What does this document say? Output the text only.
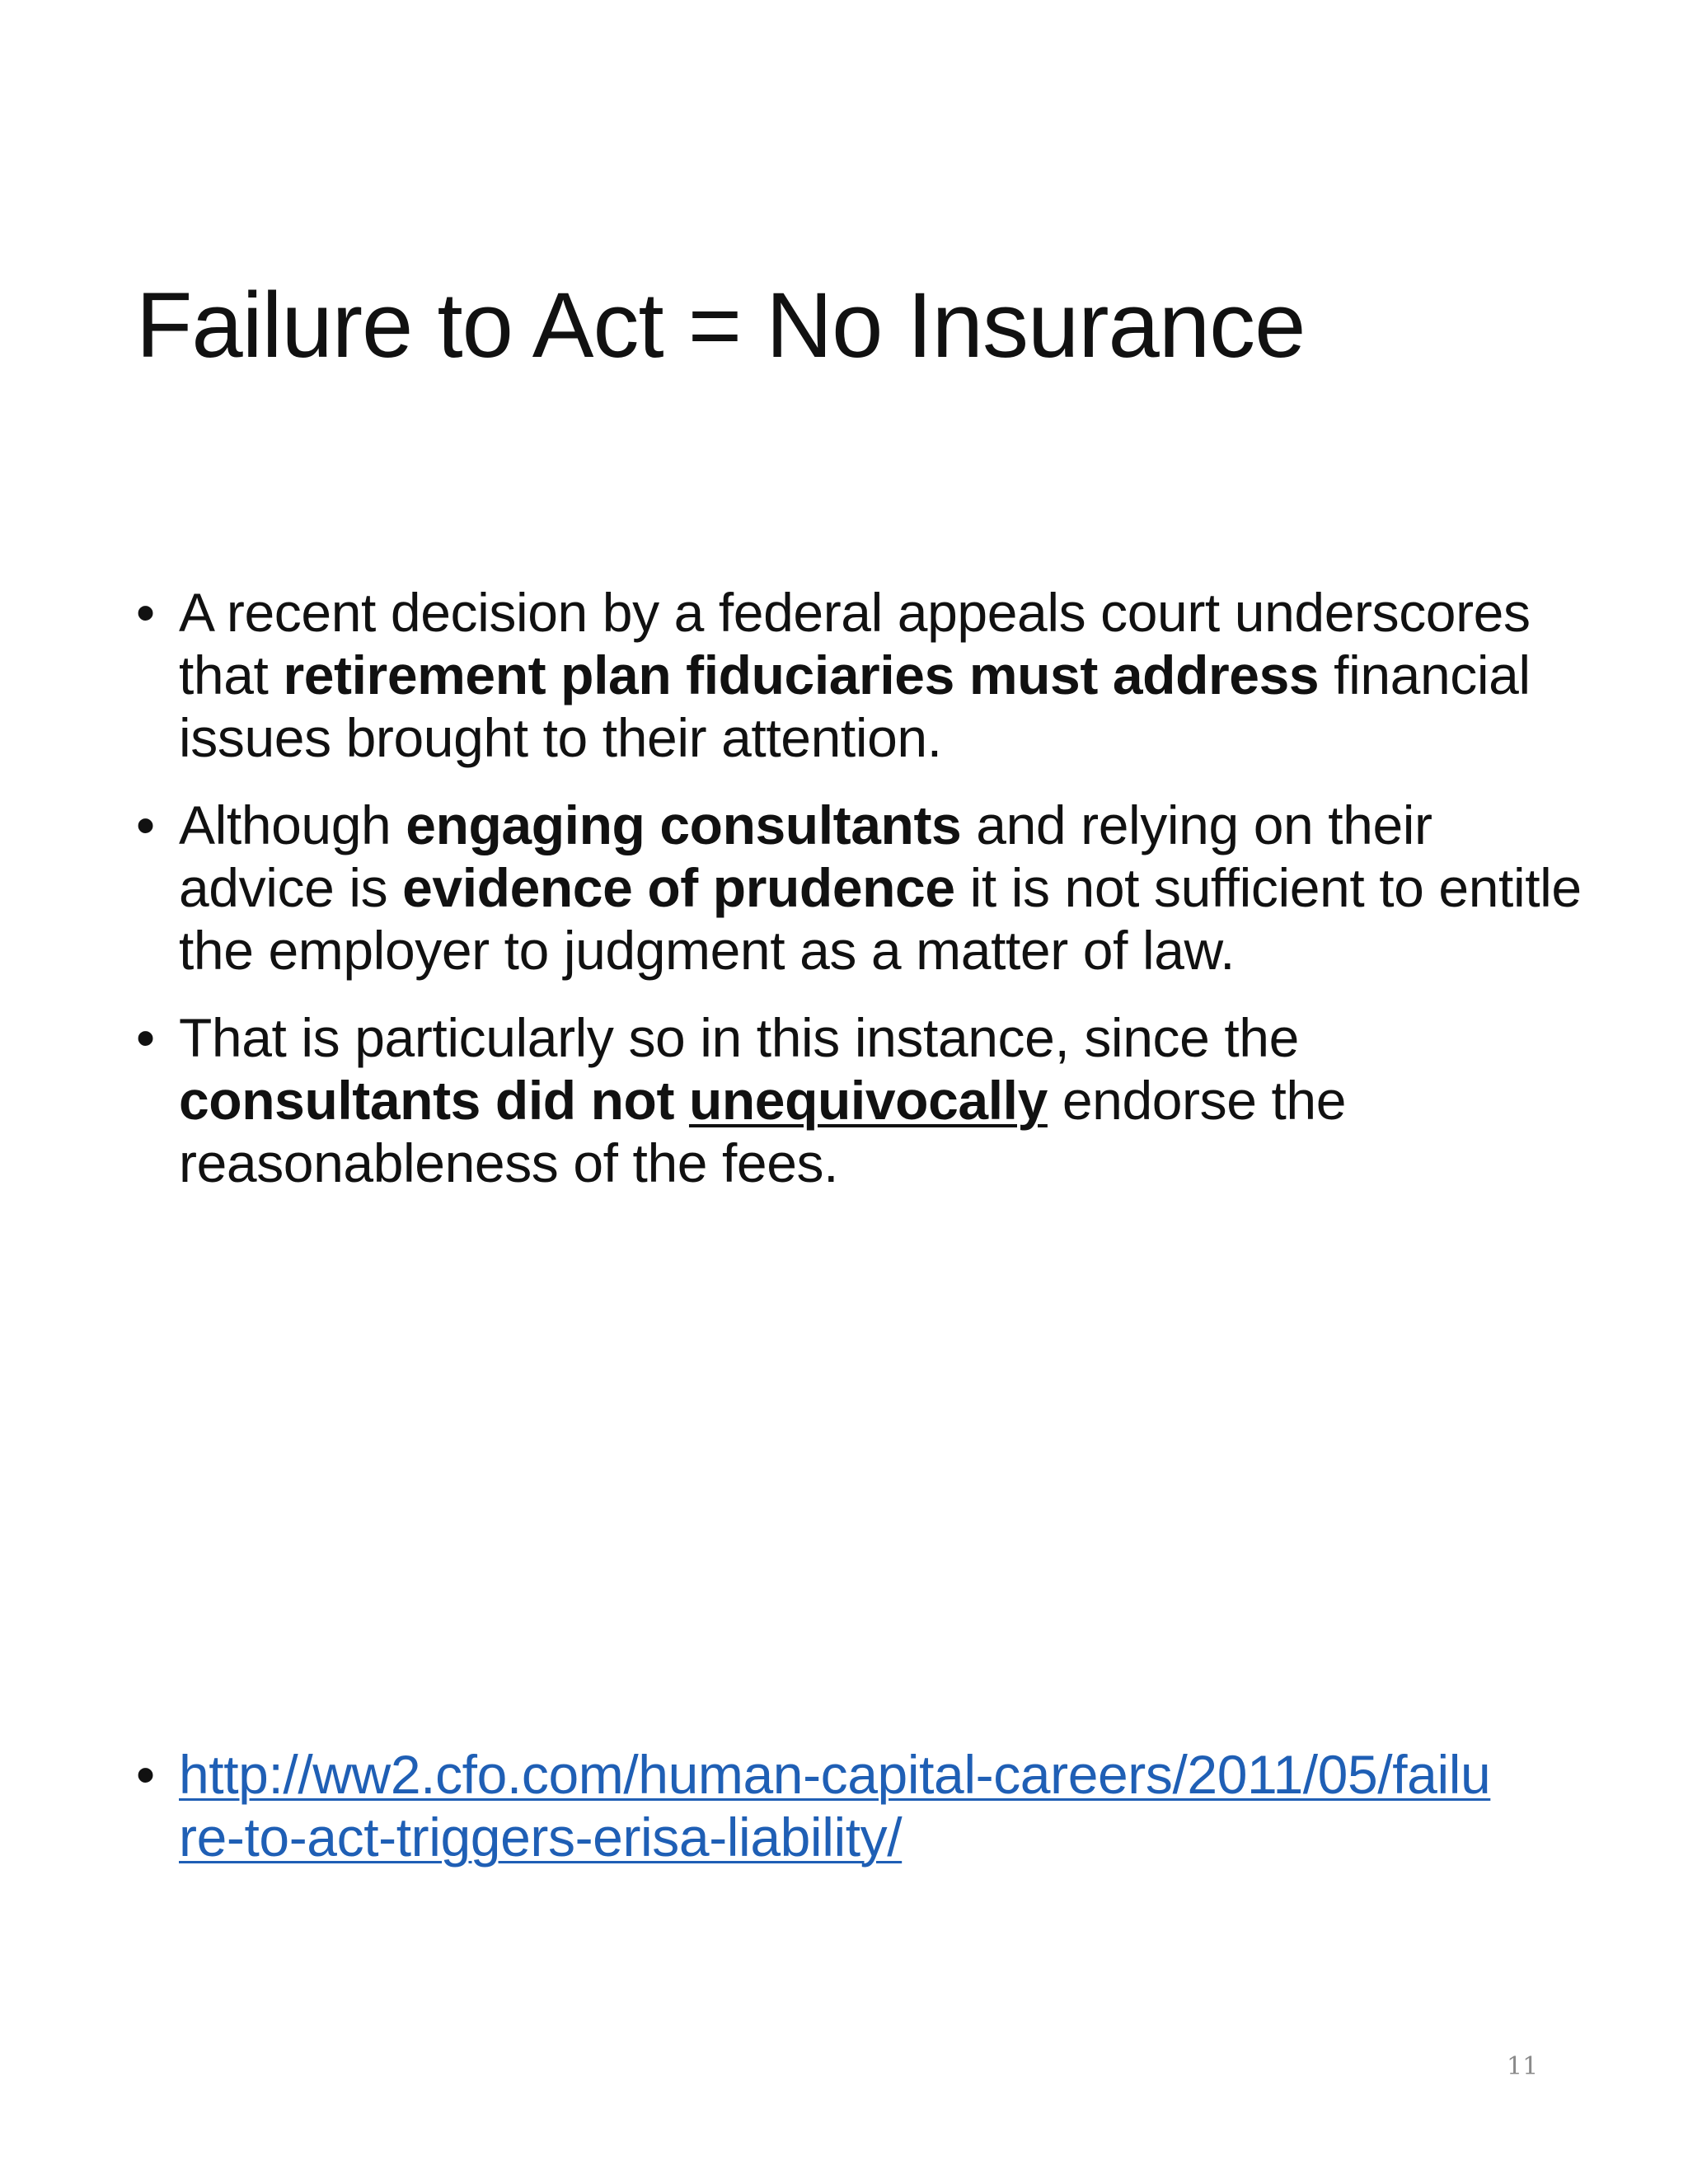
Failure to Act = No Insurance
• A recent decision by a federal appeals court underscores that retirement plan fiduciaries must address financial issues brought to their attention.
• Although engaging consultants and relying on their advice is evidence of prudence it is not sufficient to entitle the employer to judgment as a matter of law.
• That is particularly so in this instance, since the consultants did not unequivocally endorse the reasonableness of the fees.
• http://ww2.cfo.com/human-capital-careers/2011/05/failure-to-act-triggers-erisa-liability/
11
